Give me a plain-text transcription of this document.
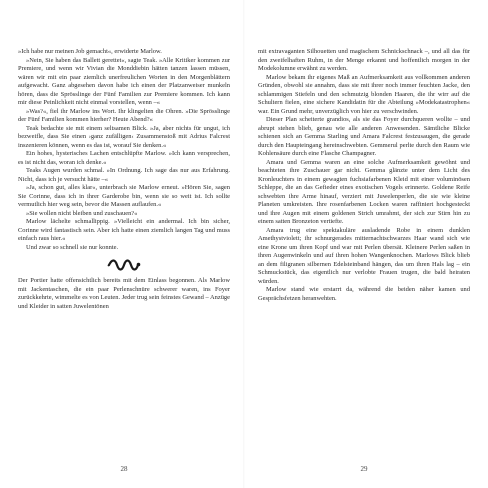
»Ich habe nur meinen Job gemacht«, erwiderte Marlow.

»Nein, Sie haben das Ballett gerettet«, sagte Teak. »Alle Kritiker kommen zur Premiere, und wenn wir Vivian die Monddiebin hätten tanzen lassen müssen, wären wir mit ein paar ziemlich unerfreulichen Worten in den Morgenblättern aufgewacht. Ganz abgesehen davon habe ich einen der Platzanweiser munkeln hören, dass die Sprösslinge der Fünf Familien zur Premiere kommen. Ich kann mir diese Peinlichkeit nicht einmal vorstellen, wenn –«

»Was?«, fiel ihr Marlow ins Wort. Ihr klingelten die Ohren. »Die Sprösslinge der Fünf Familien kommen hierher? Heute Abend?«

Teak bedachte sie mit einem seltsamen Blick. »Ja, aber nichts für ungut, ich bezweifle, dass Sie einen ›ganz zufälligen‹ Zusammenstoß mit Adrius Falcrest inszenieren können, wenn es das ist, worauf Sie denken.«

Ein hohes, hysterisches Lachen entschlüpfte Marlow. »Ich kann versprechen, es ist nicht das, woran ich denke.«

Teaks Augen wurden schmal. »In Ordnung. Ich sage das nur aus Erfahrung. Nicht, dass ich je versucht hätte –«

»Ja, schon gut, alles klar«, unterbrach sie Marlow erneut. »Hören Sie, sagen Sie Corinne, dass ich in ihrer Garderobe bin, wenn sie so weit ist. Ich sollte vermutlich hier weg sein, bevor die Massen auflaufen.«

»Sie wollen nicht bleiben und zuschauen?«

Marlow lächelte schmallippig. »Vielleicht ein andermal. Ich bin sicher, Corinne wird fantastisch sein. Aber ich hatte einen ziemlich langen Tag und muss einfach raus hier.«

Und zwar so schnell sie nur konnte.

Der Portier hatte offensichtlich bereits mit dem Einlass begonnen. Als Marlow mit Jackentaschen, die ein paar Perlenschnüre schwerer waren, ins Foyer zurückkehrte, wimmelte es von Leuten. Jeder trug sein feinstes Gewand – Anzüge und Kleider in satten Juwelentönen

28

mit extravaganten Silhouetten und magischem Schnickschnack –, und all das für den zweifelhaften Ruhm, in der Menge erkannt und hoffentlich morgen in der Modekolumne erwähnt zu werden.

Marlow bekam ihr eigenes Maß an Aufmerksamkeit aus vollkommen anderen Gründen, obwohl sie annahm, dass sie mit ihrer noch immer feuchten Jacke, den schlammigen Stiefeln und den schmutzig blonden Haaren, die ihr wirr auf die Schultern fielen, eine sichere Kandidatin für die Abteilung »Modekatastrophen« war. Ein Grund mehr, unverzüglich von hier zu verschwinden.

Dieser Plan scheiterte grandios, als sie das Foyer durchqueren wollte – und abrupt stehen blieb, genau wie alle anderen Anwesenden. Sämtliche Blicke schienen sich an Gemma Starling und Amara Falcrest festzusaugen, die gerade durch den Haupteingang hereinschwebten. Gemmerul perlte durch den Raum wie Kohlensäure durch eine Flasche Champagner.

Amara und Gemma waren an eine solche Aufmerksamkeit gewöhnt und beachteten ihre Zuschauer gar nicht. Gemma glänzte unter dem Licht des Kronleuchters in einem gewagten fuchsiafarbenen Kleid mit einer voluminösen Schleppe, die an das Gefieder eines exotischen Vogels erinnerte. Goldene Reife schwebten ihre Arme hinauf, verziert mit Juwelenperlen, die sie wie kleine Planeten umkreisten. Ihre rosenfarbenen Locken waren raffiniert hochgesteckt und ihre Augen mit einem goldenen Strich umrahmt, der sich zur Stirn hin zu einem satten Bronzeton vertiefte.

Amara trug eine spektakuläre ausladende Robe in einem dunklen Amethystviolett; ihr schnurgerades mitternachtschwarzes Haar wand sich wie eine Krone um ihren Kopf und war mit Perlen übersät. Kleinere Perlen saßen in ihren Augenwinkeln und auf ihren hohen Wangenknochen. Marlows Blick blieb an dem filigranen silbernen Edelsteinband hängen, das um ihren Hals lag – ein Schmuckstück, das eigentlich nur verlobte Frauen trugen, die bald heiraten würden.

Marlow stand wie erstarrt da, während die beiden näher kamen und Gesprächsfetzen heranwehten.

29
